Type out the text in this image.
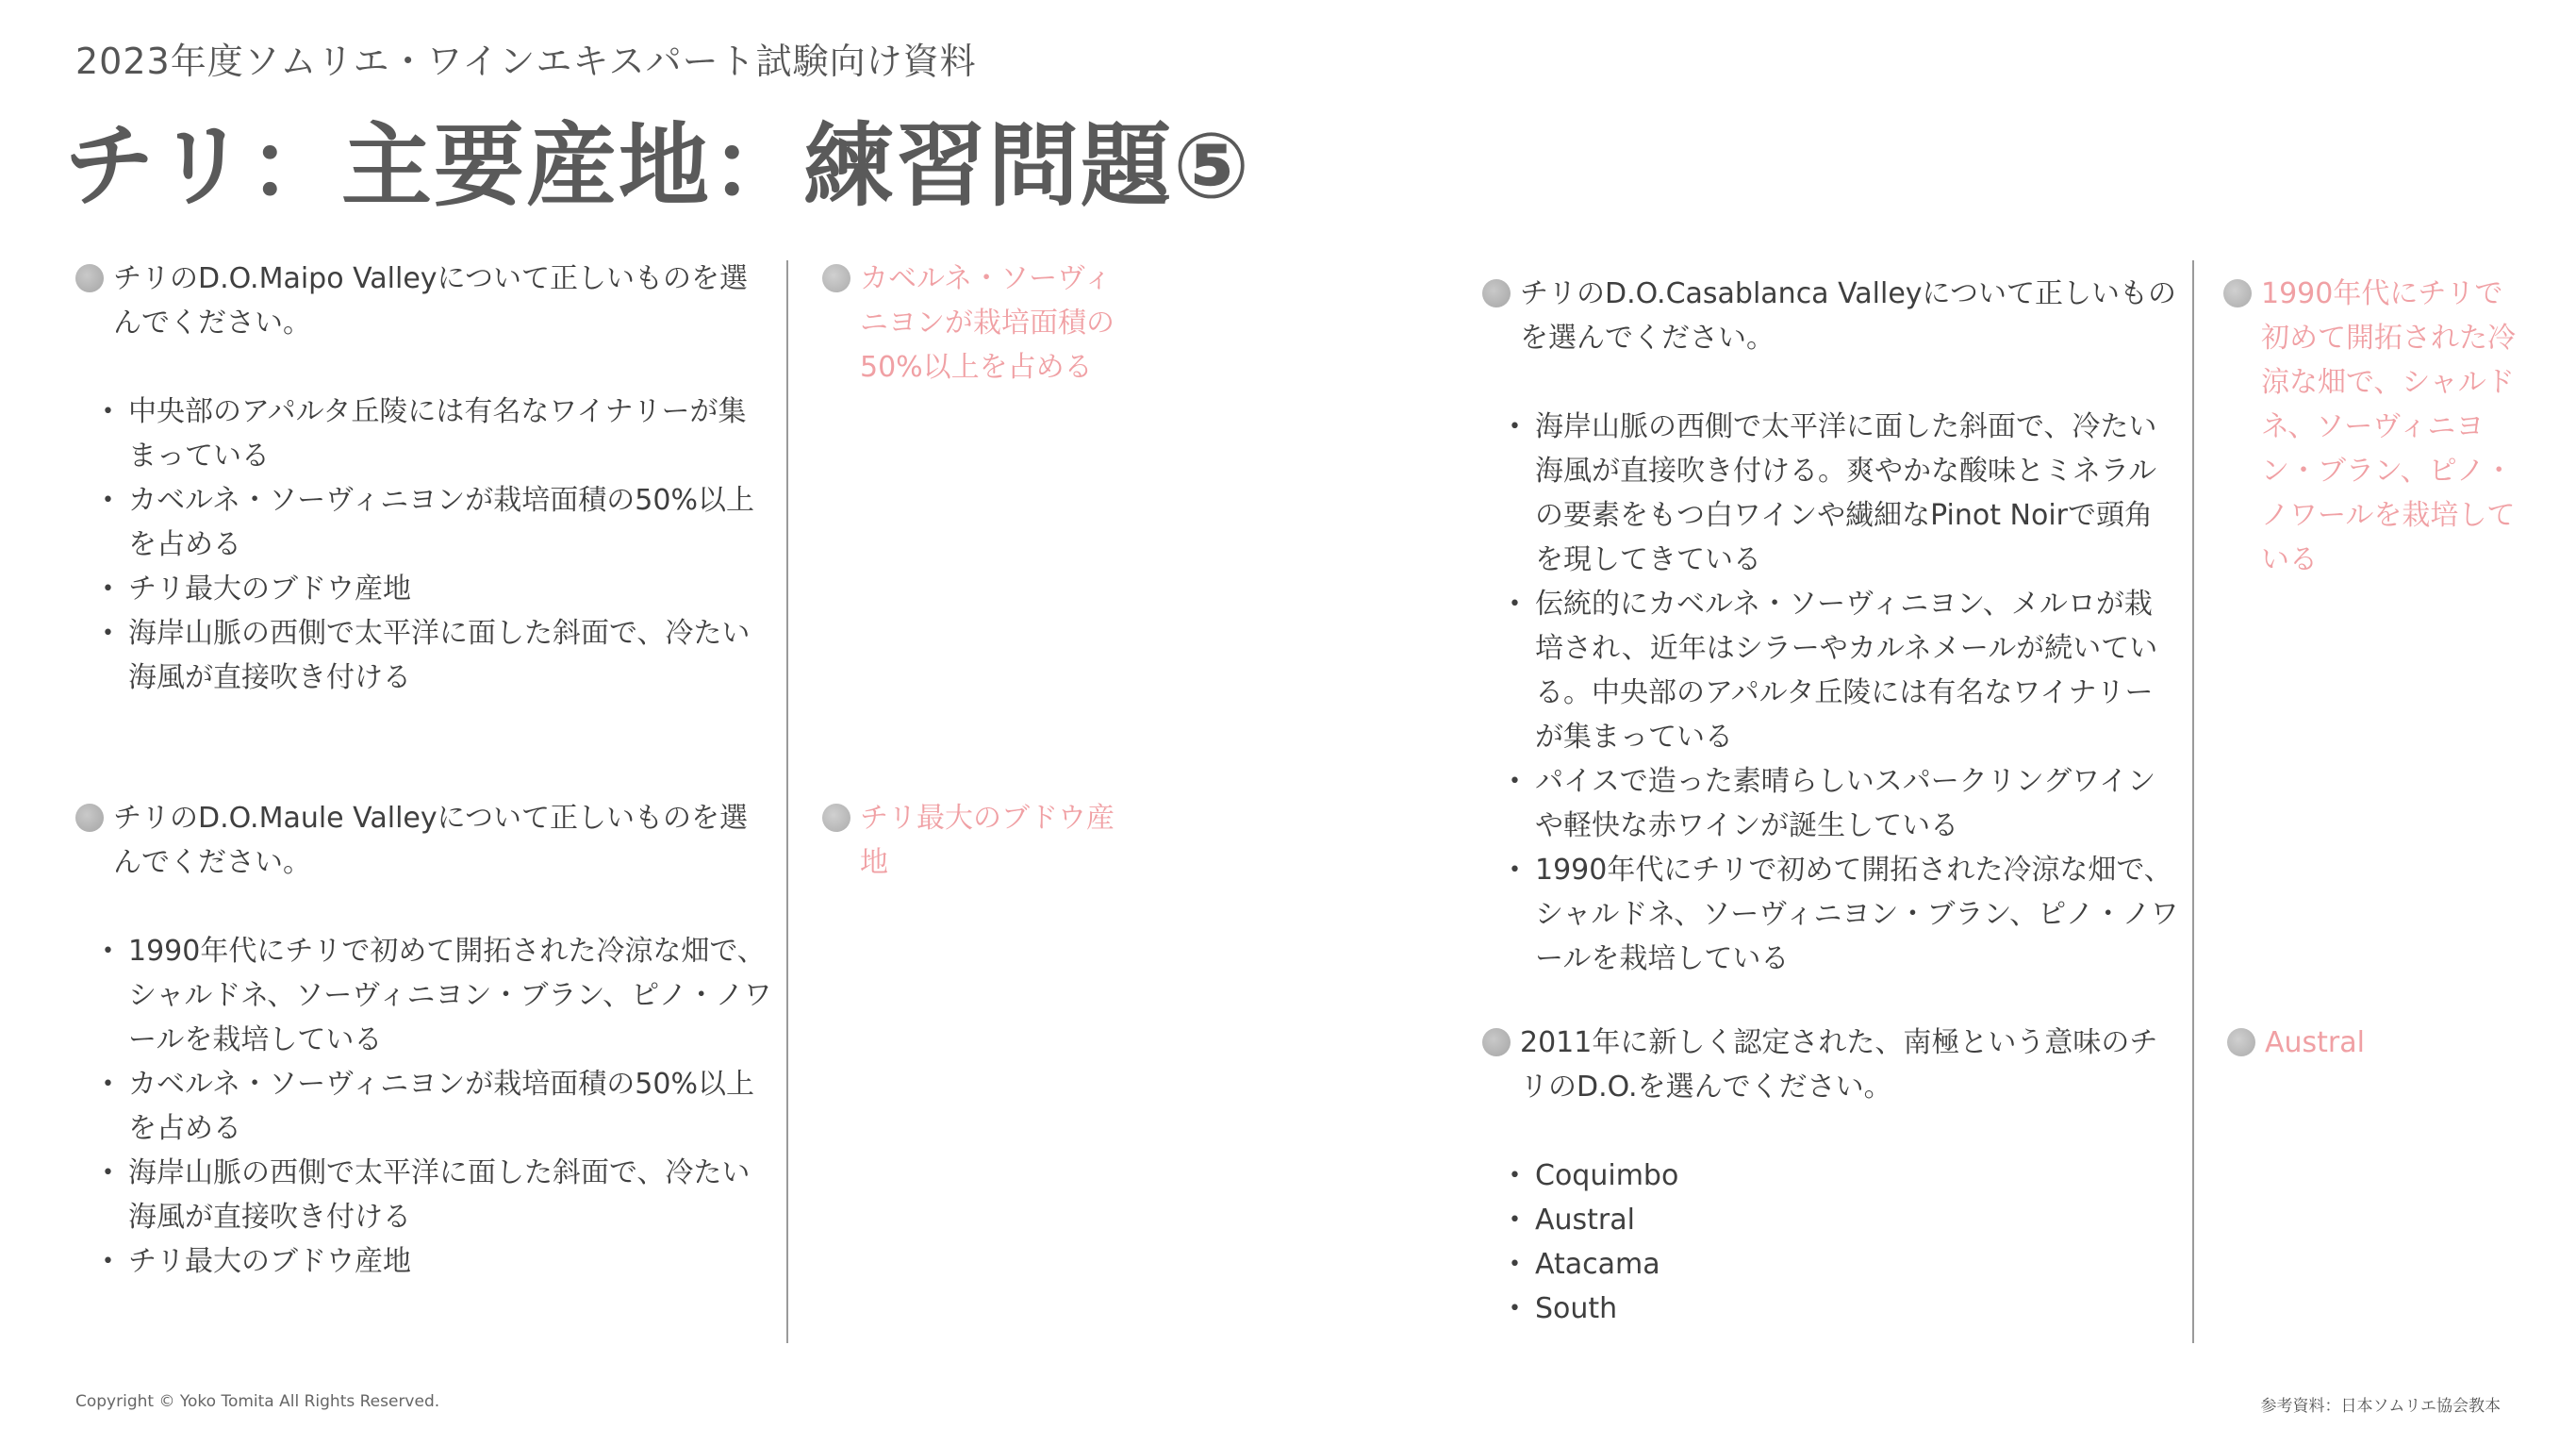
2023年度ソムリエ・ワインエキスパート試験向け資料
チリ：主要産地：練習問題⑤
チリのD.O.Maipo Valleyについて正しいものを選んでください。
• 中央部のアパルタ丘陵には有名なワイナリーが集まっている
• カベルネ・ソーヴィニヨンが栽培面積の50%以上を占める
• チリ最大のブドウ産地
• 海岸山脈の西側で太平洋に面した斜面で、冷たい海風が直接吹き付ける
カベルネ・ソーヴィニヨンが栽培面積の50%以上を占める
チリのD.O.Maule Valleyについて正しいものを選んでください。
• 1990年代にチリで初めて開拓された冷涼な畑で、シャルドネ、ソーヴィニヨン・ブラン、ピノ・ノワールを栽培している
• カベルネ・ソーヴィニヨンが栽培面積の50%以上を占める
• 海岸山脈の西側で太平洋に面した斜面で、冷たい海風が直接吹き付ける
• チリ最大のブドウ産地
チリ最大のブドウ産地
チリのD.O.Casablanca Valleyについて正しいものを選んでください。
• 海岸山脈の西側で太平洋に面した斜面で、冷たい海風が直接吹き付ける。爽やかな酸味とミネラルの要素をもつ白ワインや繊細なPinot Noirで頭角を現してきている
• 伝統的にカベルネ・ソーヴィニヨン、メルロが栽培され、近年はシラーやカルネメールが続いている。中央部のアパルタ丘陵には有名なワイナリーが集まっている
• パイスで造った素晴らしいスパークリングワインや軽快な赤ワインが誕生している
• 1990年代にチリで初めて開拓された冷涼な畑で、シャルドネ、ソーヴィニヨン・ブラン、ピノ・ノワールを栽培している
1990年代にチリで初めて開拓された冷涼な畑で、シャルドネ、ソーヴィニヨン・ブラン、ピノ・ノワールを栽培している
2011年に新しく認定された、南極という意味のチリのD.O.を選んでください。
• Coquimbo
• Austral
• Atacama
• South
Austral
Copyright © Yoko Tomita All Rights Reserved.	参考資料：日本ソムリエ協会教本
